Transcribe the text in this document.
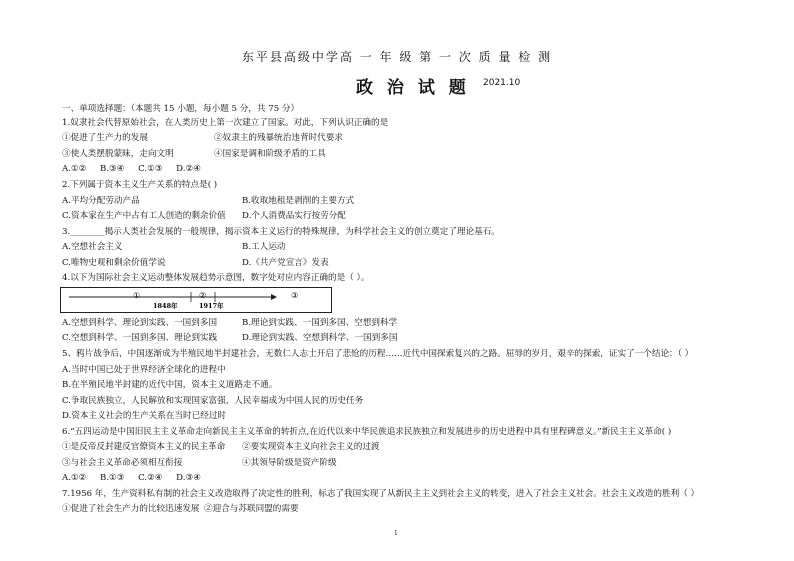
东平县高级中学高 一 年 级 第 一 次 质 量 检 测
政 治 试 题 2021.10
一、单项选择题：（本题共 15 小题，每小题 5 分，共 75 分）
1.奴隶社会代替原始社会，在人类历史上第一次建立了国家。对此，下列认识正确的是
①促进了生产力的发展	②奴隶主的残暴统治违背时代要求
③使人类摆脱蒙昧，走向文明	④国家是调和阶级矛盾的工具
A.①②     B.③④     C.①③     D.②④
2.下列属于资本主义生产关系的特点是( )
A.平均分配劳动产品	B.收取地租是剥削的主要方式
C.资本家在生产中占有工人创造的剩余价值 D.个人消费品实行按劳分配
3.________揭示人类社会发展的一般规律，揭示资本主义运行的特殊规律，为科学社会主义的创立奠定了理论基石。
A.空想社会主义	B.工人运动
C.唯物史观和剩余价值学说	D.《共产党宣言》发表
4.以下为国际社会主义运动整体发展趋势示意图，数字处对应内容正确的是（ ）。
①	②	③
1848年	1917年
A.空想到科学、理论到实践、一国到多国	B.理论到实践、一国到多国、空想到科学
C.空想到科学、一国到多国、理论到实践	D.理论到实践、空想到科学、一国到多国
5、鸦片战争后，中国逐渐成为半殖民地半封建社会，无数仁人志士开启了悲怆的历程……近代中国探索复兴的之路。屈辱的岁月，艰辛的探索，证实了一个结论：（ ）
A.当时中国已处于世界经济全球化的进程中
B.在半殖民地半封建的近代中国，资本主义道路走不通。
C.争取民族独立，人民解放和实现国家富强，人民幸福成为中国人民的历史任务
D.资本主义社会的生产关系在当时已经过时
6.“五四运动是中国旧民主主义革命走向新民主主义革命的转折点,在近代以来中华民族追求民族独立和发展进步的历史进程中具有里程碑意义。”新民主主义革命( )
①是反帝反封建反官僚资本主义的民主革命 ②要实现资本主义向社会主义的过渡
③与社会主义革命必须相互衔接	④其领导阶级是资产阶级
A.①②     B.①③     C.②④     D.③④
7.1956 年，生产资料私有制的社会主义改造取得了决定性的胜利，标志了我国实现了从新民主主义到社会主义的转变，进入了社会主义社会。社会主义改造的胜利（ ）
①促进了社会生产力的比较迅速发展 ②迎合与苏联同盟的需要
1
